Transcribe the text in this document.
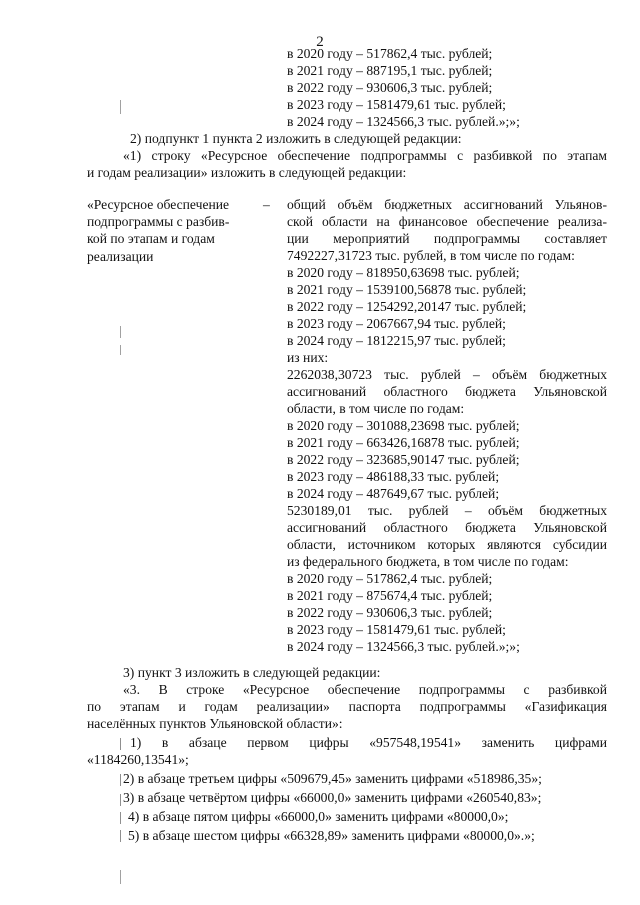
2
в 2020 году – 517862,4 тыс. рублей;
в 2021 году – 887195,1 тыс. рублей;
в 2022 году – 930606,3 тыс. рублей;
в 2023 году – 1581479,61 тыс. рублей;
в 2024 году – 1324566,3 тыс. рублей.»;»;
2) подпункт 1 пункта 2 изложить в следующей редакции:
«1) строку «Ресурсное обеспечение подпрограммы с разбивкой по этапам
и годам реализации» изложить в следующей редакции:
«Ресурсное обеспечение
подпрограммы с разбив-
кой по этапам и годам
реализации
– общий объём бюджетных ассигнований Ульянов-
ской области на финансовое обеспечение реализа-
ции мероприятий подпрограммы составляет
7492227,31723 тыс. рублей, в том числе по годам:
в 2020 году – 818950,63698 тыс. рублей;
в 2021 году – 1539100,56878 тыс. рублей;
в 2022 году – 1254292,20147 тыс. рублей;
в 2023 году – 2067667,94 тыс. рублей;
в 2024 году – 1812215,97 тыс. рублей;
из них:
2262038,30723 тыс. рублей – объём бюджетных
ассигнований областного бюджета Ульяновской
области, в том числе по годам:
в 2020 году – 301088,23698 тыс. рублей;
в 2021 году – 663426,16878 тыс. рублей;
в 2022 году – 323685,90147 тыс. рублей;
в 2023 году – 486188,33 тыс. рублей;
в 2024 году – 487649,67 тыс. рублей;
5230189,01 тыс. рублей – объём бюджетных
ассигнований областного бюджета Ульяновской
области, источником которых являются субсидии
из федерального бюджета, в том числе по годам:
в 2020 году – 517862,4 тыс. рублей;
в 2021 году – 875674,4 тыс. рублей;
в 2022 году – 930606,3 тыс. рублей;
в 2023 году – 1581479,61 тыс. рублей;
в 2024 году – 1324566,3 тыс. рублей.»;»;
3) пункт 3 изложить в следующей редакции:
«3. В строке «Ресурсное обеспечение подпрограммы с разбивкой
по этапам и годам реализации» паспорта подпрограммы «Газификация
населённых пунктов Ульяновской области»:
1) в абзаце первом цифры «957548,19541» заменить цифрами
«1184260,13541»;
2) в абзаце третьем цифры «509679,45» заменить цифрами «518986,35»;
3) в абзаце четвёртом цифры «66000,0» заменить цифрами «260540,83»;
4) в абзаце пятом цифры «66000,0» заменить цифрами «80000,0»;
5) в абзаце шестом цифры «66328,89» заменить цифрами «80000,0».»;
